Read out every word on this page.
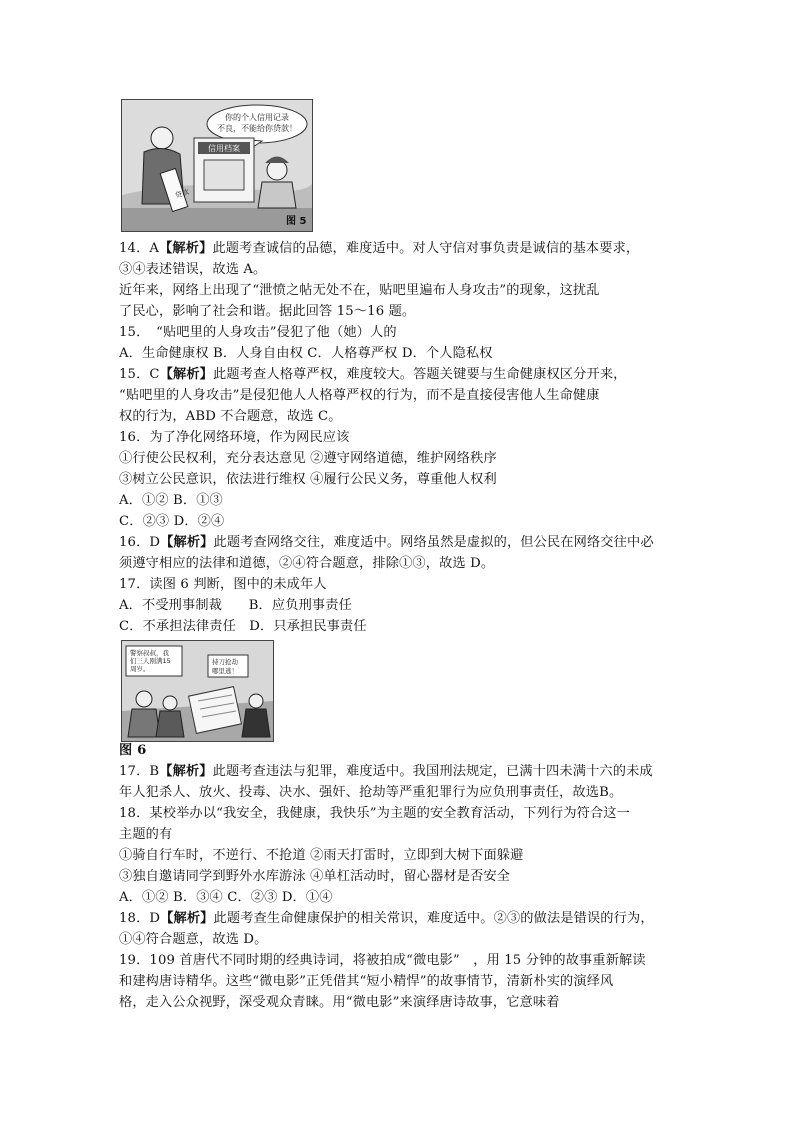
你的个人信用记录
不良，不能给你贷款！
信用档案
贷款
图 5
14．A【解析】此题考查诚信的品德，难度适中。对人守信对事负责是诚信的基本要求，
③④表述错误，故选 A。
近年来，网络上出现了“泄愤之帖无处不在，贴吧里遍布人身攻击”的现象，这扰乱
了民心，影响了社会和谐。据此回答 15～16 题。
15．　“贴吧里的人身攻击”侵犯了他（她）人的
A．生命健康权 B．人身自由权 C．人格尊严权 D．个人隐私权
15．C【解析】此题考查人格尊严权，难度较大。答题关键要与生命健康权区分开来，
“贴吧里的人身攻击”是侵犯他人人格尊严权的行为，而不是直接侵害他人生命健康
权的行为，ABD 不合题意，故选 C。
16．为了净化网络环境，作为网民应该
①行使公民权利，充分表达意见 ②遵守网络道德，维护网络秩序
③树立公民意识，依法进行维权 ④履行公民义务，尊重他人权利
A．①② B．①③
C．②③ D．②④
16．D【解析】此题考查网络交往，难度适中。网络虽然是虚拟的，但公民在网络交往中必
须遵守相应的法律和道德，②④符合题意，排除①③，故选 D。
17．读图 6 判断，图中的未成年人
A．不受刑事制裁　　B．应负刑事责任
C．不承担法律责任　D．只承担民事责任
警察叔叔，我
们三人刚满15
周岁。
持刀抢劫
哪里逃！
图 6
17．B【解析】此题考查违法与犯罪，难度适中。我国刑法规定，已满十四未满十六的未成
年人犯杀人、放火、投毒、决水、强奸、抢劫等严重犯罪行为应负刑事责任，故选B。
18．某校举办以“我安全，我健康，我快乐”为主题的安全教育活动，下列行为符合这一
主题的有
①骑自行车时，不逆行、不抢道 ②雨天打雷时，立即到大树下面躲避
③独自邀请同学到野外水库游泳 ④单杠活动时，留心器材是否安全
A．①② B．③④ C．②③ D．①④
18．D【解析】此题考查生命健康保护的相关常识，难度适中。②③的做法是错误的行为，
①④符合题意，故选 D。
19．109 首唐代不同时期的经典诗词，将被拍成“微电影”　，用 15 分钟的故事重新解读
和建构唐诗精华。这些“微电影”正凭借其“短小精悍”的故事情节，清新朴实的演绎风
格，走入公众视野，深受观众青睐。用“微电影”来演绎唐诗故事，它意味着
